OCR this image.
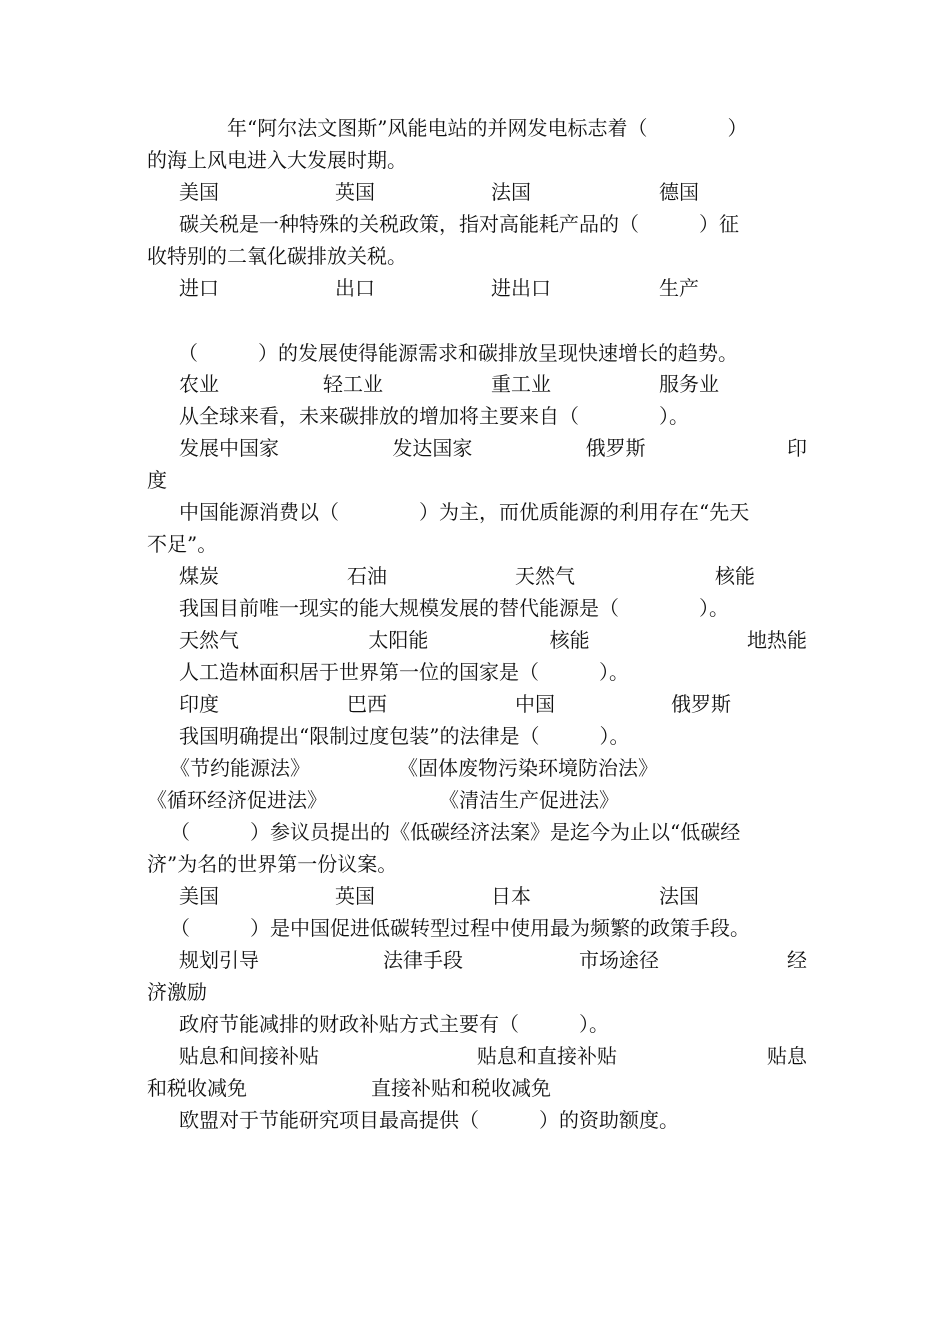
年“阿尔法文图斯”风能电站的并网发电标志着（　　　　）
的海上风电进入大发展时期。
美国	英国	法国	德国
碳关税是一种特殊的关税政策，指对高能耗产品的（　　　）征
收特别的二氧化碳排放关税。
进口	出口	进出口	生产
（　　　）的发展使得能源需求和碳排放呈现快速增长的趋势。
农业	轻工业	重工业	服务业
从全球来看，未来碳排放的增加将主要来自（　　　　）。
发展中国家	发达国家	俄罗斯	印
度
中国能源消费以（　　　　）为主，而优质能源的利用存在“先天
不足”。
煤炭	石油	天然气	核能
我国目前唯一现实的能大规模发展的替代能源是（　　　　）。
天然气	太阳能	核能	地热能
人工造林面积居于世界第一位的国家是（　　　）。
印度	巴西	中国	俄罗斯
我国明确提出“限制过度包装”的法律是（　　　）。
《节约能源法》	《固体废物污染环境防治法》
《循环经济促进法》	《清洁生产促进法》
（　　　）参议员提出的《低碳经济法案》是迄今为止以“低碳经
济”为名的世界第一份议案。
美国	英国	日本	法国
（　　　）是中国促进低碳转型过程中使用最为频繁的政策手段。
规划引导	法律手段	市场途径	经
济激励
政府节能减排的财政补贴方式主要有（　　　）。
贴息和间接补贴	贴息和直接补贴	贴息
和税收减免	直接补贴和税收减免
欧盟对于节能研究项目最高提供（　　　）的资助额度。
